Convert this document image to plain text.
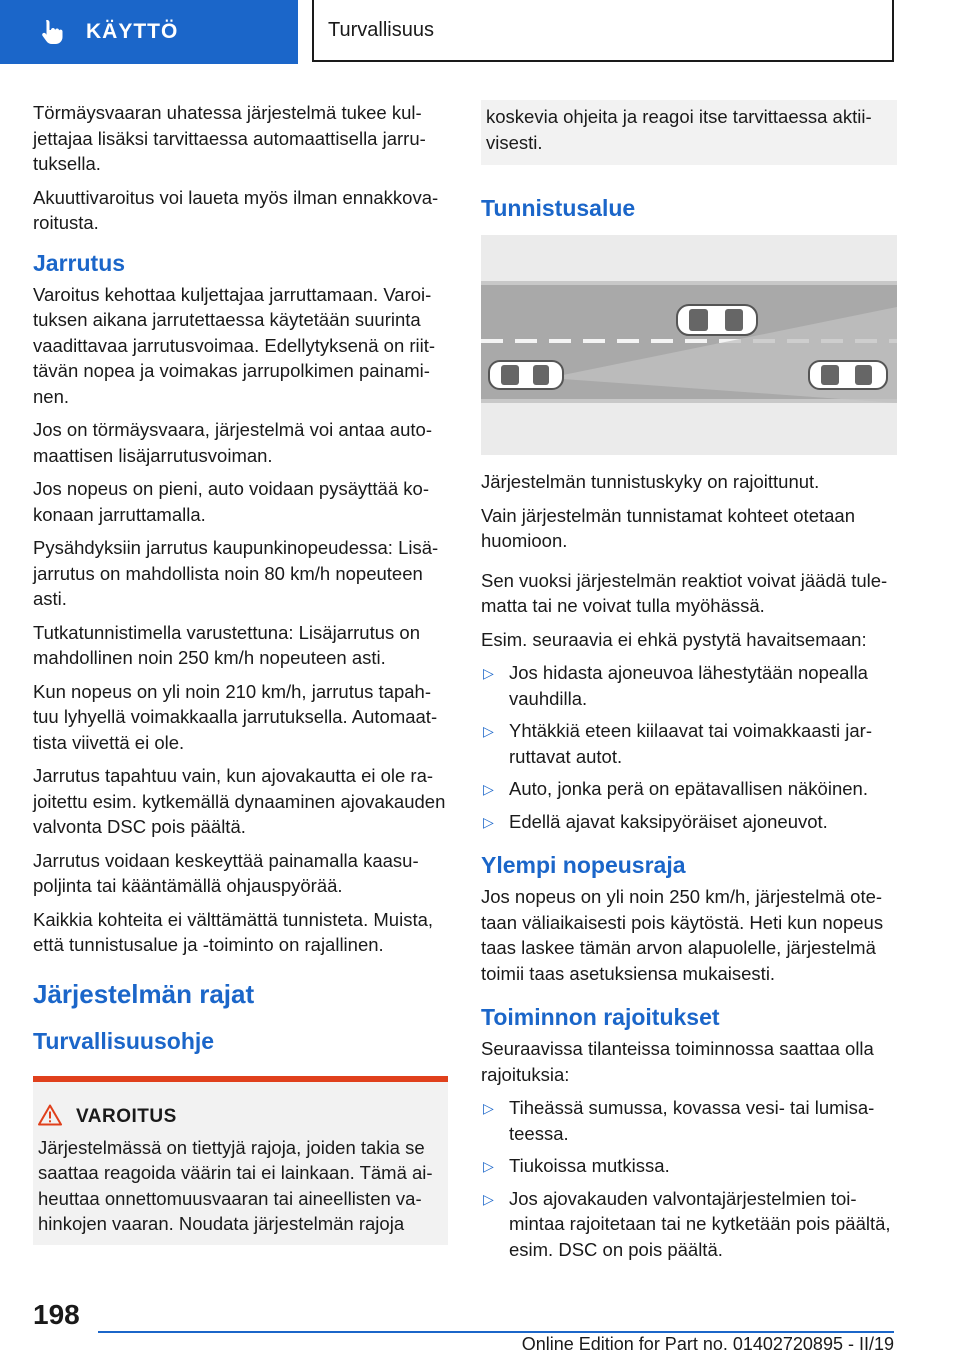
KÄYTTÖ	Turvallisuus

Törmäysvaaran uhatessa järjestelmä tukee kuljettajaa lisäksi tarvittaessa automaattisella jarrutuksella.

Akuuttivaroitus voi laueta myös ilman ennakkovaroitusta.

Jarrutus

Varoitus kehottaa kuljettajaa jarruttamaan. Varoituksen aikana jarrutettaessa käytetään suurinta vaadittavaa jarrutusvoimaa. Edellytyksenä on riittävän nopea ja voimakas jarrupolkimen painaminen.

Jos on törmäysvaara, järjestelmä voi antaa automaattisen lisäjarrutusvoiman.

Jos nopeus on pieni, auto voidaan pysäyttää kokonaan jarruttamalla.

Pysähdyksiin jarrutus kaupunkinopeudessa: Lisäjarrutus on mahdollista noin 80 km/h nopeuteen asti.

Tutkatunnistimella varustettuna: Lisäjarrutus on mahdollinen noin 250 km/h nopeuteen asti.

Kun nopeus on yli noin 210 km/h, jarrutus tapahtuu lyhyellä voimakkaalla jarrutuksella. Automaattista viivettä ei ole.

Jarrutus tapahtuu vain, kun ajovakautta ei ole rajoitettu esim. kytkemällä dynaaminen ajovakauden valvonta DSC pois päältä.

Jarrutus voidaan keskeyttää painamalla kaasupoljinta tai kääntämällä ohjauspyörää.

Kaikkia kohteita ei välttämättä tunnisteta. Muista, että tunnistusalue ja -toiminto on rajallinen.

Järjestelmän rajat
Turvallisuusohje
VAROITUS

Järjestelmässä on tiettyjä rajoja, joiden takia se saattaa reagoida väärin tai ei lainkaan. Tämä aiheuttaa onnettomuusvaaran tai aineellisten vahinkojen vaaran. Noudata järjestelmän rajoja

koskevia ohjeita ja reagoi itse tarvittaessa aktiivisesti.

Tunnistusalue

Järjestelmän tunnistuskyky on rajoittunut.

Vain järjestelmän tunnistamat kohteet otetaan huomioon.

Sen vuoksi järjestelmän reaktiot voivat jäädä tulematta tai ne voivat tulla myöhässä.

Esim. seuraavia ei ehkä pystytä havaitsemaan:

▷ Jos hidasta ajoneuvoa lähestytään nopealla vauhdilla.
▷ Yhtäkkiä eteen kiilaavat tai voimakkaasti jarruttavat autot.
▷ Auto, jonka perä on epätavallisen näköinen.
▷ Edellä ajavat kaksipyöräiset ajoneuvot.
Ylempi nopeusraja

Jos nopeus on yli noin 250 km/h, järjestelmä otetaan väliaikaisesti pois käytöstä. Heti kun nopeus taas laskee tämän arvon alapuolelle, järjestelmä toimii taas asetuksiensa mukaisesti.

Toiminnon rajoitukset

Seuraavissa tilanteissa toiminnossa saattaa olla rajoituksia:

▷ Tiheässä sumussa, kovassa vesi- tai lumisateessa.
▷ Tiukoissa mutkissa.
▷ Jos ajovakauden valvontajärjestelmien toimintaa rajoitetaan tai ne kytketään pois päältä, esim. DSC on pois päältä.
198
Online Edition for Part no. 01402720895 - II/19
